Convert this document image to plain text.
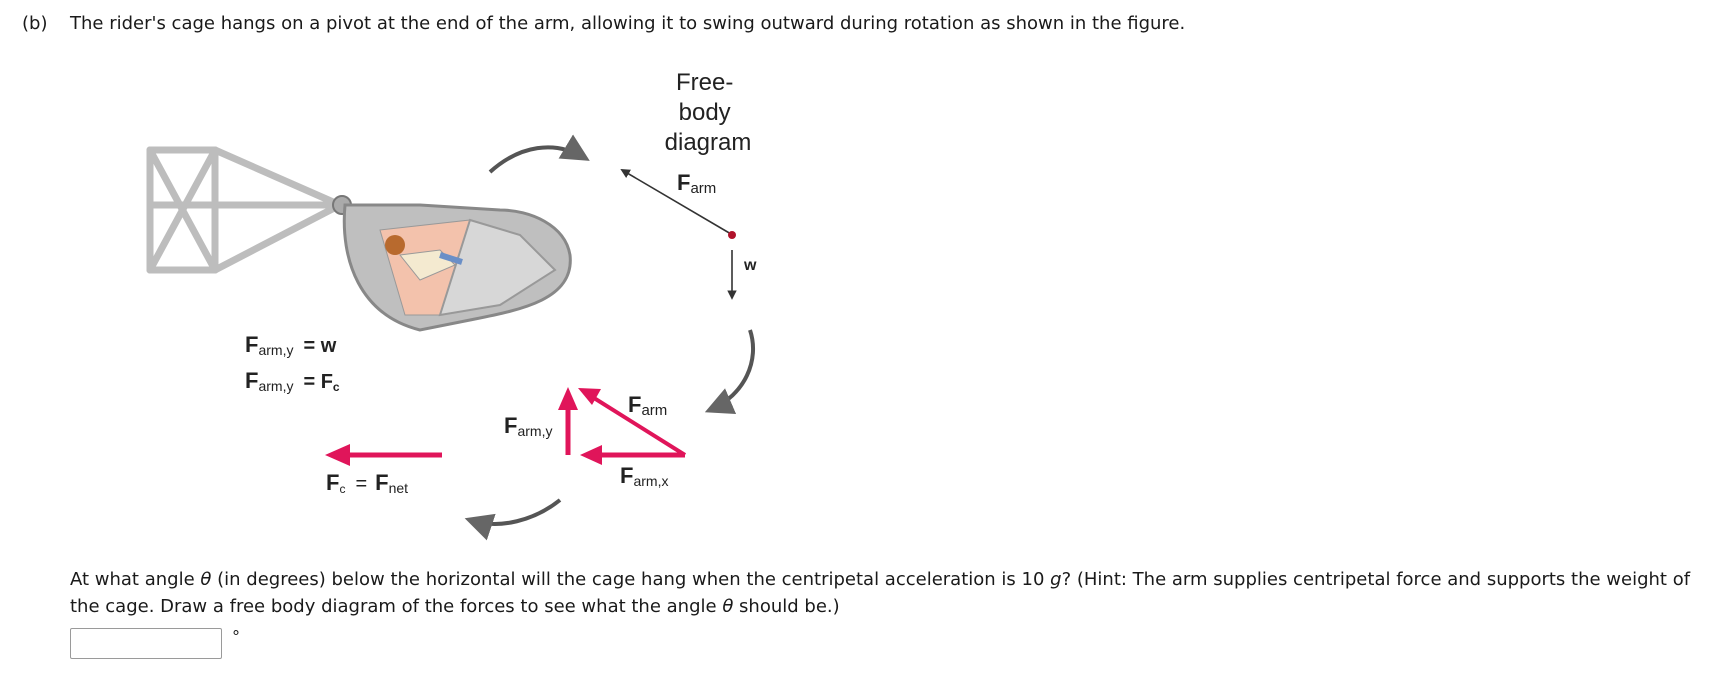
(b) The rider's cage hangs on a pivot at the end of the arm, allowing it to swing outward during rotation as shown in the figure.
Free- body diagram
Farm
w
Farm,y = w
Farm,y = Fc
Fc = Fnet
Farm
Farm,y
Farm,x
At what angle θ (in degrees) below the horizontal will the cage hang when the centripetal acceleration is 10 g? (Hint: The arm supplies centripetal force and supports the weight of the cage. Draw a free body diagram of the forces to see what the angle θ should be.)
°
